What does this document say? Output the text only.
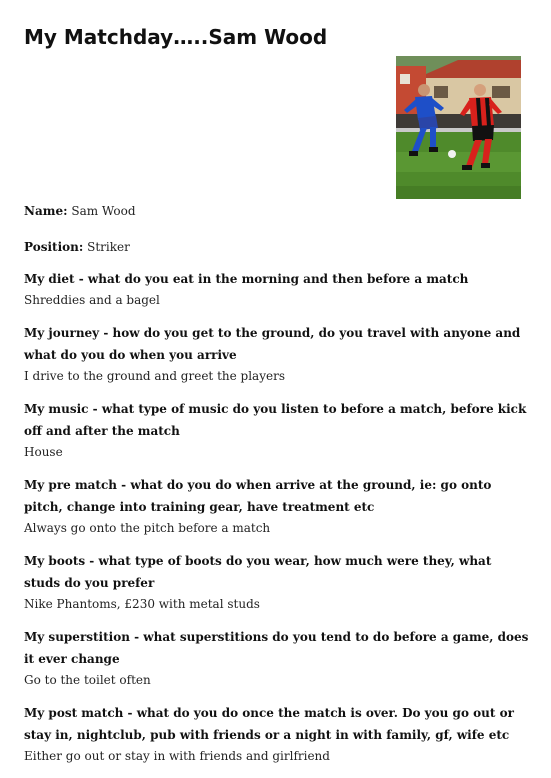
My Matchday…..Sam Wood

Name: Sam Wood

Position: Striker

My diet - what do you eat in the morning and then before a match

Shreddies and a bagel

My journey - how do you get to the ground, do you travel with anyone and what do you do when you arrive

I drive to the ground and greet the players

My music - what type of music do you listen to before a match, before kick off and after the match

House

My pre match - what do you do when arrive at the ground, ie: go onto pitch, change into training gear, have treatment etc

Always go onto the pitch before a match

My boots - what type of boots do you wear, how much were they, what studs do you prefer

Nike Phantoms, £230 with metal studs

My superstition - what superstitions do you tend to do before a game, does it ever change

Go to the toilet often

My post match - what do you do once the match is over. Do you go out or stay in, nightclub, pub with friends or a night in with family, gf, wife etc

Either go out or stay in with friends and girlfriend
